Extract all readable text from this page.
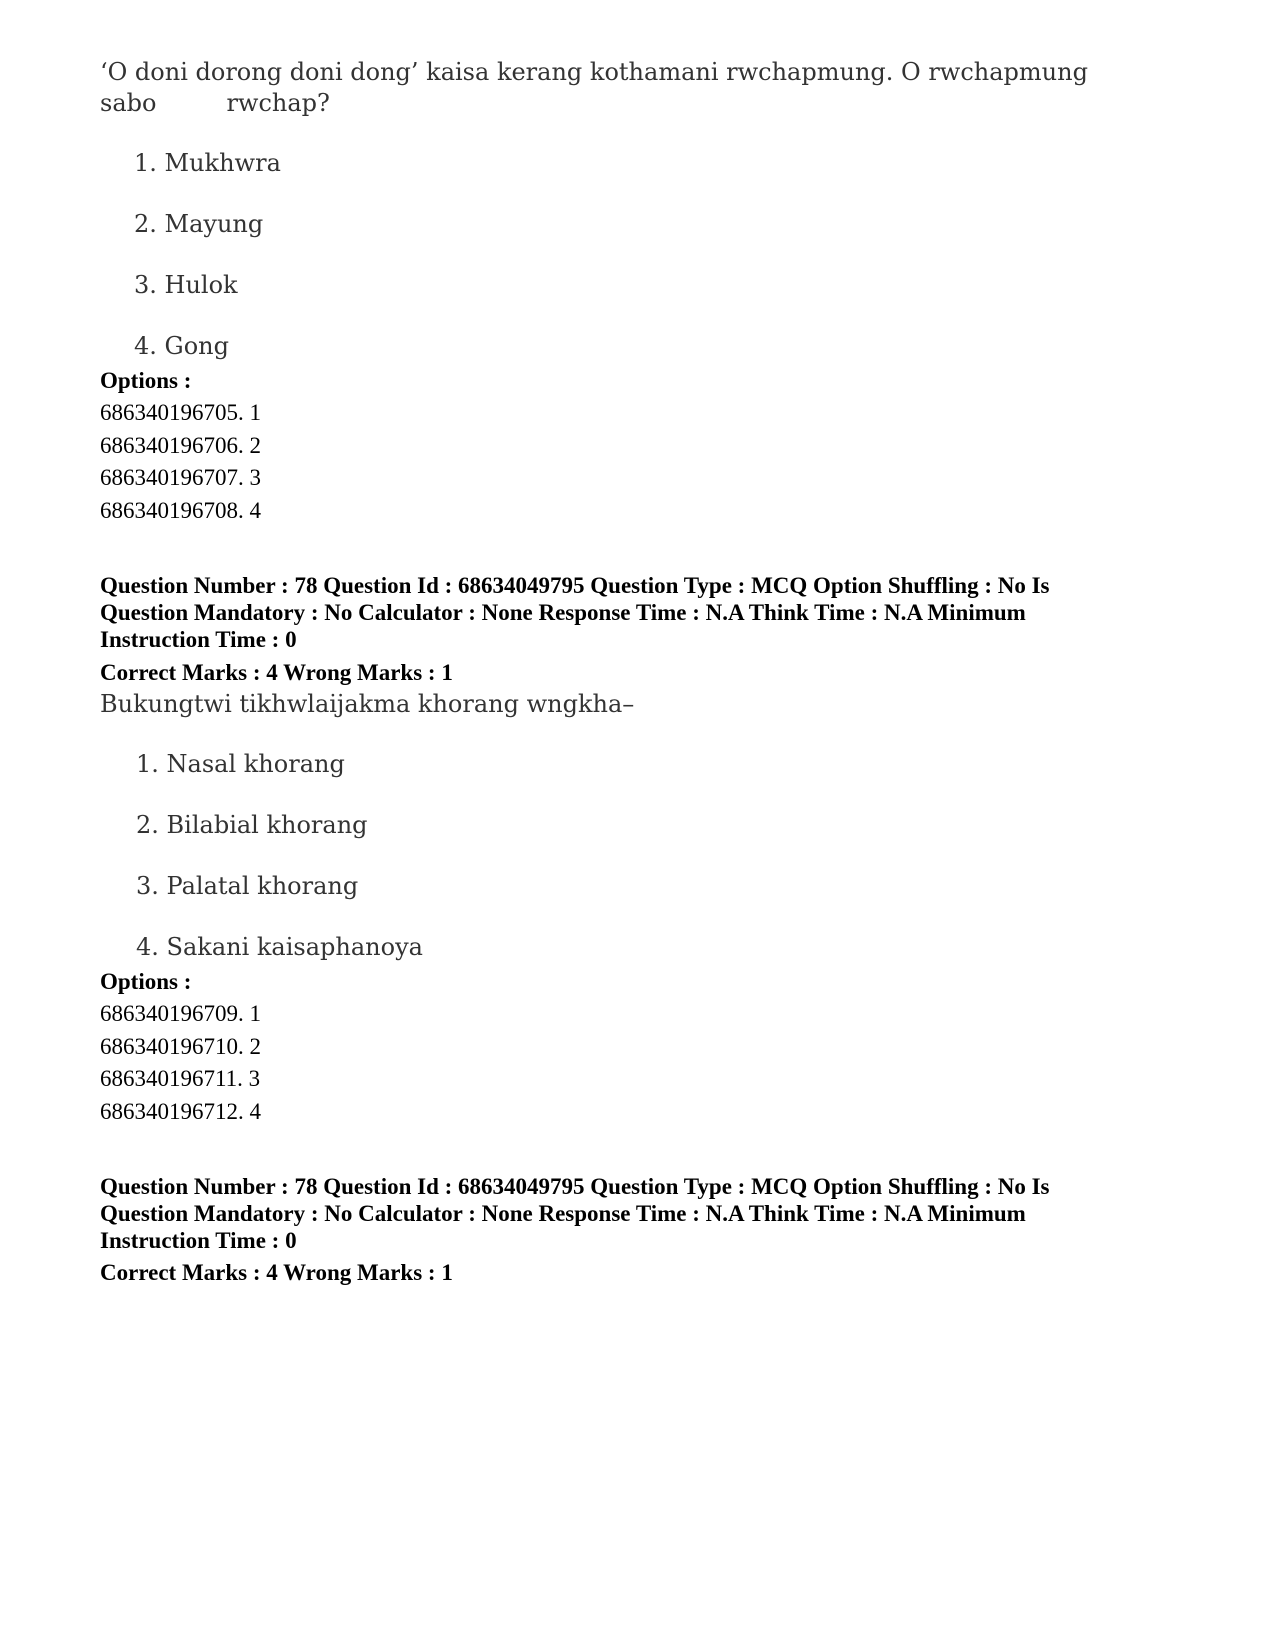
‘O doni dorong doni dong’ kaisa kerang kothamani rwchapmung. O rwchapmung
sabo	rwchap?
1. Mukhwra
2. Mayung
3. Hulok
4. Gong
Options :
686340196705. 1
686340196706. 2
686340196707. 3
686340196708. 4
Question Number : 78 Question Id : 68634049795 Question Type : MCQ Option Shuffling : No Is
Question Mandatory : No Calculator : None Response Time : N.A Think Time : N.A Minimum
Instruction Time : 0
Correct Marks : 4 Wrong Marks : 1
Bukungtwi tikhwlaijakma khorang wngkha–
1. Nasal khorang
2. Bilabial khorang
3. Palatal khorang
4. Sakani kaisaphanoya
Options :
686340196709. 1
686340196710. 2
686340196711. 3
686340196712. 4
Question Number : 78 Question Id : 68634049795 Question Type : MCQ Option Shuffling : No Is
Question Mandatory : No Calculator : None Response Time : N.A Think Time : N.A Minimum
Instruction Time : 0
Correct Marks : 4 Wrong Marks : 1
